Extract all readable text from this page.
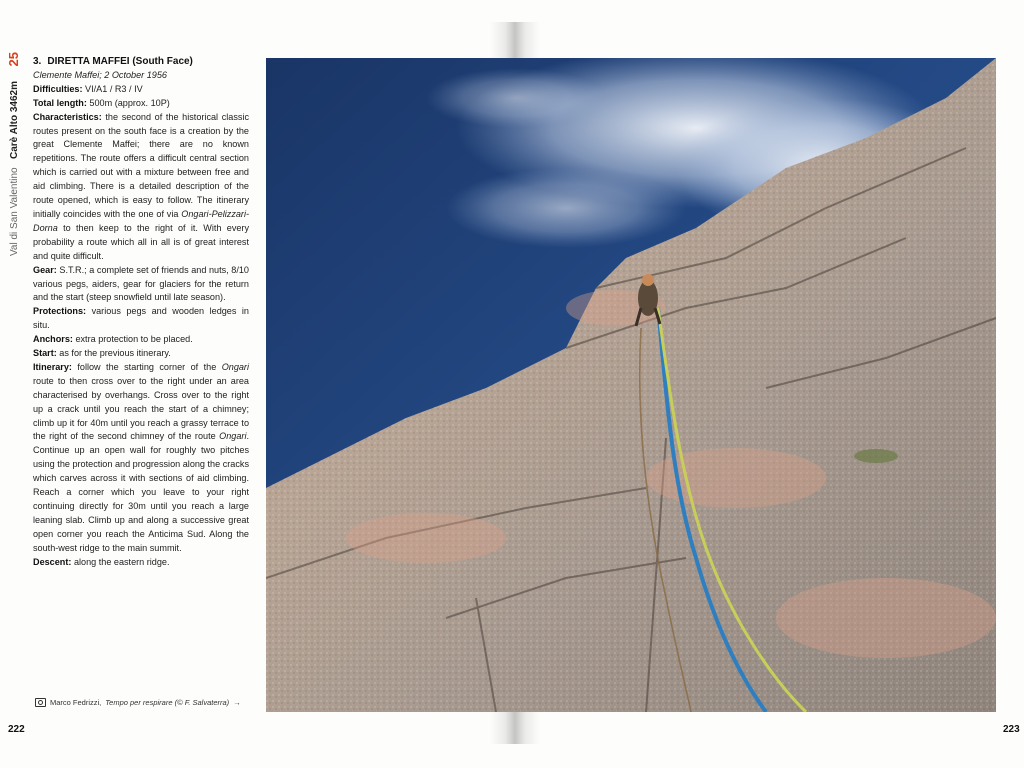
25
Val di San Valentino
Carè Alto 3462m

3. DIRETTA MAFFEI (South Face)

Clemente Maffei; 2 October 1956

Difficulties: VI/A1 / R3 / IV

Total length: 500m (approx. 10P)

Characteristics: the second of the historical classic routes present on the south face is a creation by the great Clemente Maffei; there are no known repetitions. The route offers a difficult central section which is carried out with a mixture between free and aid climbing. There is a detailed description of the route opened, which is easy to follow. The itinerary initially coincides with the one of via Ongari-Pelizzari-Dorna to then keep to the right of it. With every probability a route which all in all is of great interest and quite difficult.

Gear: S.T.R.; a complete set of friends and nuts, 8/10 various pegs, aiders, gear for glaciers for the return and the start (steep snowfield until late season).

Protections: various pegs and wooden ledges in situ.

Anchors: extra protection to be placed.

Start: as for the previous itinerary.

Itinerary: follow the starting corner of the Ongari route to then cross over to the right under an area characterised by overhangs. Cross over to the right up a crack until you reach the start of a chimney; climb up it for 40m until you reach a grassy terrace to the right of the second chimney of the route Ongari. Continue up an open wall for roughly two pitches using the protection and progression along the cracks which carves across it with sections of aid climbing. Reach a corner which you leave to your right continuing directly for 30m until you reach a large leaning slab. Climb up and along a successive great open corner you reach the Anticima Sud. Along the south-west ridge to the main summit.

Descent: along the eastern ridge.

Marco Fedrizzi, Tempo per respirare (© F. Salvaterra) →
222	223
